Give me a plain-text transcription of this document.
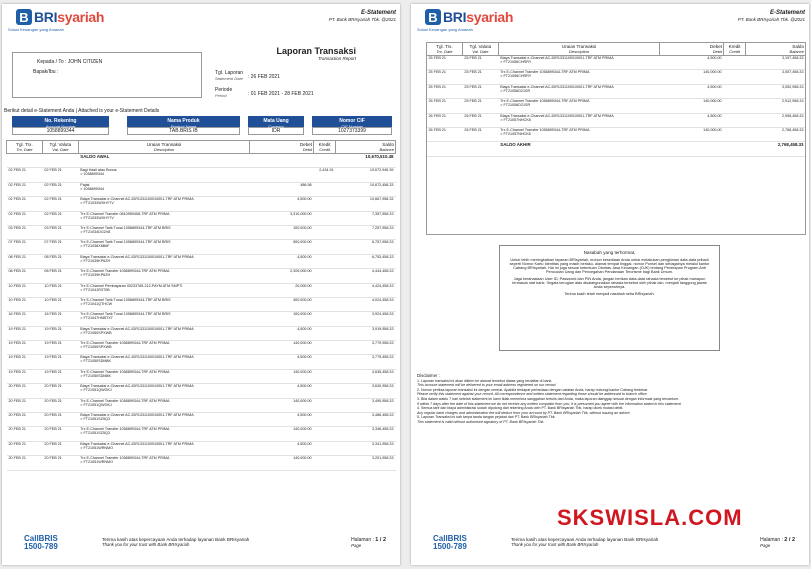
B BRIsyariah
Solusi Keuangan yang Amanah
E-Statement
PT. Bank BRIsyariah Tbk. @2021
Kepada / To : JOHN CITIZEN
Bapak/Ibu :
Laporan Transaksi
Transaction Report
Tgl. Laporan
Statement Date : 26 FEB 2021
Periode
Period	: 01 FEB 2021 - 28 FEB 2021
Berikut detail e-Statement Anda | Attached is your e-Statement Details
No. Rekening
Account Number
1058899344
Nama Produk
Product Name
TAB.BRIS IB
Mata Uang
Currency
IDR
Nomor CIF
CIF Number
1027373399
Tgl. Trx.
Trx. Date	Tgl. Valuta
Val. Date	Uraian Transaksi
Description	Debet
Debit	Kredit
Credit	Saldo
Balance

		SALDO AWAL			10,670,510.48
02 FEB 21	02 FEB 21	Bagi Hasil atau Bonus
> 1058899344		2,434.91	10,672,945.39
02 FEB 21	02 FEB 21	Pajak
> 1058899344	486.98		10,672,458.33
02 FEB 21	02 FEB 21	Biaya Transaksi e-Channel AC-IDR1331100010001-TRF ATM PRIMA
> FT21033WXHY7V	4,500.00		10,667,958.33
02 FEB 21	02 FEB 21	Trx E-Channel Transfer 0810959408-TRF ATM PRIMA
> FT21033WXHY7V	3,310,000.00		7,357,958.33
03 FEB 21	03 FEB 21	Trx E-Channel Tarik Tunai 1058899344-TRF ATM BRIS
> FT21034DG2V8	100,000.00		7,257,958.33
07 FEB 21	07 FEB 21	Trx E-Channel Tarik Tunai 1058899344-TRF ATM BRIS
> FT21038X6B6F	500,000.00		6,757,958.33
08 FEB 21	08 FEB 21	Biaya Transaksi e-Channel AC-IDR1331100010001-TRF ATM PRIMA
> FT21039KP6ZH	4,500.00		6,753,458.33
08 FEB 21	08 FEB 21	Trx E-Channel Transfer 1058899344-TRF ATM PRIMA
> FT21039KP6ZH	2,309,000.00		4,444,458.33
10 FEB 21	10 FEB 21	Trx E-Channel Pembayaran 00233765-212-PAYM ATM SMPTI
> FT21041R3T0B	20,000.00		4,424,458.33
10 FEB 21	10 FEB 21	Trx E-Channel Tarik Tunai 1058899344-TRF ATM BRIS
> FT21041QTHCW	400,000.00		4,024,458.33
16 FEB 21	16 FEB 21	Trx E-Channel Tarik Tunai 1058899344-TRF ATM BRIS
> FT21047HNBTXT	100,000.00		3,924,458.33
19 FEB 21	19 FEB 21	Biaya Transaksi e-Channel AC-IDR1331100010001-TRF ATM PRIMA
> FT21050SPXWB	4,500.00		3,919,958.33
19 FEB 21	19 FEB 21	Trx E-Channel Transfer 1058899344-TRF ATM PRIMA
> FT21050SPXWB	140,000.00		3,779,958.33
19 FEB 21	19 FEB 21	Biaya Transaksi e-Channel AC-IDR1331100010001-TRF ATM PRIMA
> FT21050SDM8K	4,500.00		3,775,458.33
19 FEB 21	19 FEB 21	Trx E-Channel Transfer 1058899344-TRF ATM PRIMA
> FT21050SDM8K	140,000.00		3,635,458.33
20 FEB 21	20 FEB 21	Biaya Transaksi e-Channel AC-IDR1331100010001-TRF ATM PRIMA
> FT21051QWGKJ	4,500.00		3,630,958.33
20 FEB 21	20 FEB 21	Trx E-Channel Transfer 1058899344-TRF ATM PRIMA
> FT21051QWGKJ	140,000.00		3,490,958.33
20 FEB 21	20 FEB 21	Biaya Transaksi e-Channel AC-IDR1331100010001-TRF ATM PRIMA
> FT21051SZ5Q3	4,500.00		3,486,458.33
20 FEB 21	20 FEB 21	Trx E-Channel Transfer 1058899344-TRF ATM PRIMA
> FT21051SZ5Q3	140,000.00		3,346,458.33
20 FEB 21	20 FEB 21	Biaya Transaksi e-Channel AC-IDR1331100010001-TRF ATM PRIMA
> FT21051WRNMO	4,500.00		3,341,958.33
20 FEB 21	20 FEB 21	Trx E-Channel Transfer 1058899344-TRF ATM PRIMA
> FT21051WRNMO	140,000.00		3,201,958.33
CallBRIS
1500-789
Terima kasih atas kepercayaan Anda terhadap layanan Bank BRIsyariah
Thank you for your trust with Bank BRIsyariah
Halaman : 1 / 2
Page
B BRIsyariah
Solusi Keuangan yang Amanah
E-Statement
PT. Bank BRIsyariah Tbk. @2021
Tgl. Trx.
Trx. Date	Tgl. Valuta
Val. Date	Uraian Transaksi
Description	Debet
Debit	Kredit
Credit	Saldo
Balance

25 FEB 21	25 FEB 21	Biaya Transaksi e-Channel AC-IDR1331100010001-TRF ATM PRIMA
> FT21056CHRRY	4,500.00		3,197,458.33
25 FEB 21	25 FEB 21	Trx E-Channel Transfer 1058899344-TRF ATM PRIMA
> FT21056CHRRY	140,000.00		3,057,458.33
25 FEB 21	25 FEB 21	Biaya Transaksi e-Channel AC-IDR1331100010001-TRF ATM PRIMA
> FT21056D21SR	4,500.00		3,052,958.33
25 FEB 21	25 FEB 21	Trx E-Channel Transfer 1058899344-TRF ATM PRIMA
> FT21056D21SR	140,000.00		2,912,958.33
26 FEB 21	26 FEB 21	Biaya Transaksi e-Channel AC-IDR1331100010001-TRF ATM PRIMA
> FT21057NHCK8	4,500.00		2,908,458.33
26 FEB 21	26 FEB 21	Trx E-Channel Transfer 1058899344-TRF ATM PRIMA
> FT21057NHCK8	140,000.00		2,768,458.33
		SALDO AKHIR			2,768,458.33
Nasabah yang terhormat,

Untuk lebih meningkatkan layanan BRIsyariah, mohon kesediaan Anda untuk melakukan pengkinian data-data pribadi seperti Nomor Kartu Identitas yang masih berlaku, alamat tempat tinggal, nomor Ponsel dan sebagainya melalui kantor Cabang BRIsyariah. Hal ini juga sesuai ketentuan Otoritas Jasa Keuangan (OJK) tentang Penerapan Program Anti Pencucian Uang dan Pencegahan Pendanaan Terorisme bagi Bank Umum.

Jaga kerahasiaan User ID, Password dan PIN Anda, jangan berikan data-data rahasia tersebut ke pihak manapun termasuk staf bank. Segala kerugian atas disalahgunakan rahasia tersebut oleh pihak lain, menjadi tanggung jawab Anda sepenuhnya.

Terima kasih telah menjadi nasabah setia BRIsyariah.

Disclaimer :
1. Laporan transaksi ini akan dikirim ke alamat tersebut diatas yang terdaftar di bank.
This account statement will be delivered to your email address registered on our record.
2. Nomor periksa laporan transaksi ini dengan cermat. Apabila terdapat perbedaan dengan catatan Anda, harap hubungi kantor Cabang terdekat.
Please verify this statement against your record. All correspondence and written statement regarding those should be addressed to branch office.
3. Bila dalam waktu 7 hari setelah statement ini kami tidak menerima sanggahan tertulis dari Anda, maka laporan dianggap sesuai dengan informasi yang tercantum.
If within 7 days after the date of this statement we do not receive any written complaint from you, it is presumed you agree with the information stated in this statement.
4. Semua tarif dan biaya administrasi sudah dipotong dari rekening Anda oleh PT. Bank BRIsyariah Tbk, harap dicek mutasi debit.
Any regular bank charges and administration fee will deduct from your account by PT. Bank BRIsyariah Tbk. without issuing an advice.
5. Laporan Transaksi ini sah tanpa tanda tangan pejabat dari PT. Bank BRIsyariah Tbk.
This statement is valid without authorised signatory of PT. Bank BRIsyariah Tbk.
CallBRIS
1500-789
Terima kasih atas kepercayaan Anda terhadap layanan Bank BRIsyariah
Thank you for your trust with Bank BRIsyariah
Halaman : 2 / 2
Page
SKSWISLA.COM
